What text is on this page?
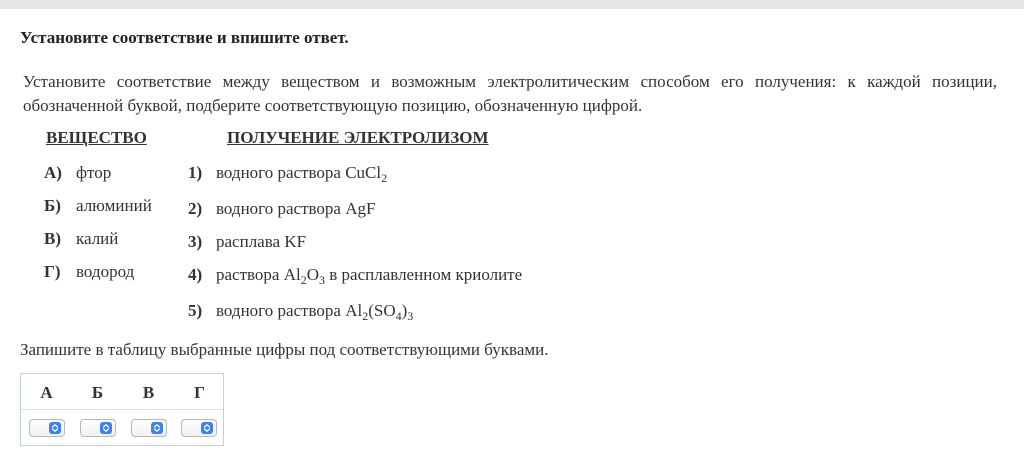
Установите соответствие и впишите ответ.
Установите соответствие между веществом и возможным электролитическим способом его получения: к каждой позиции, обозначенной буквой, подберите соответствующую позицию, обозначенную цифрой.
ВЕЩЕСТВО	ПОЛУЧЕНИЕ ЭЛЕКТРОЛИЗОМ
А) фтор
Б) алюминий
В) калий
Г) водород
1) водного раствора CuCl$_2$
2) водного раствора AgF
3) расплава KF
4) раствора $Al_2O_3$ в расплавленном криолите
5) водного раствора $Al_2(SO_4)_3$
Запишите в таблицу выбранные цифры под соответствующими буквами.
А	Б	В	Г
